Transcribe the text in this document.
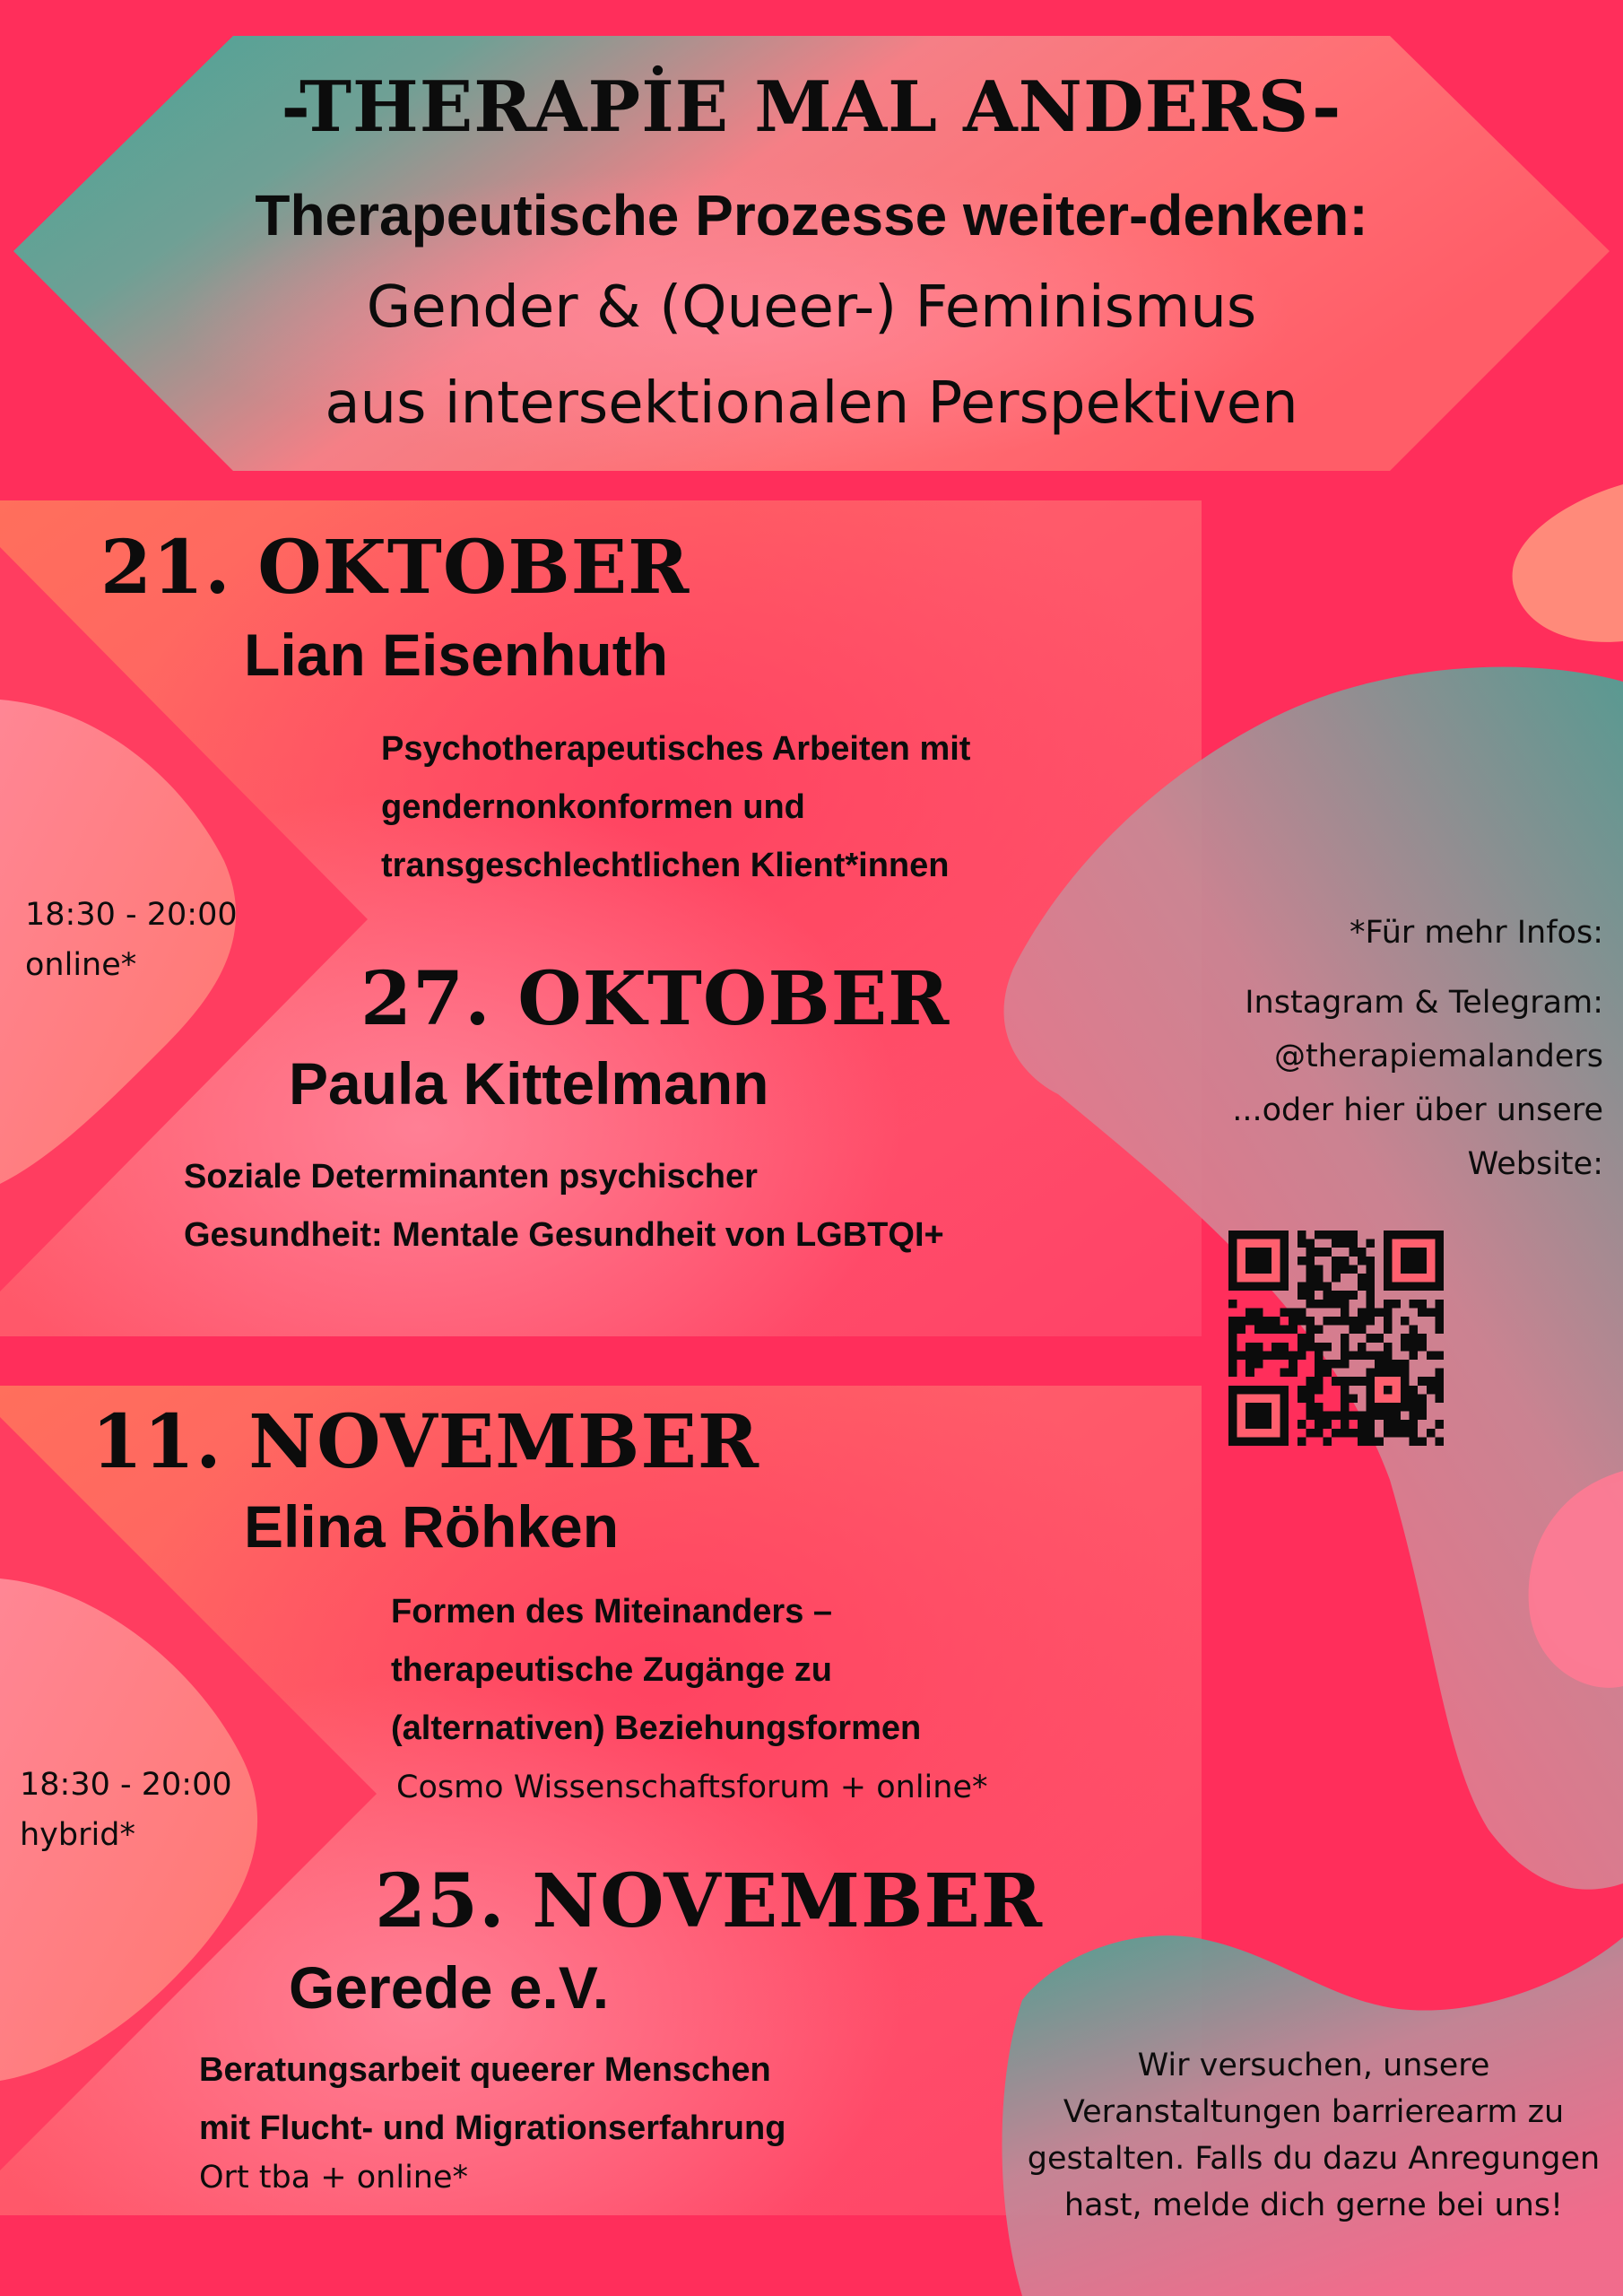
-THERAPİE MAL ANDERS-
Therapeutische Prozesse weiter-denken:
Gender & (Queer-) Feminismus
aus intersektionalen Perspektiven
21. OKTOBER
Lian Eisenhuth
Psychotherapeutisches Arbeiten mit
gendernonkonformen und
transgeschlechtlichen Klient*innen
18:30 - 20:00
online*	27. OKTOBER
Paula Kittelmann
Soziale Determinanten psychischer
Gesundheit: Mentale Gesundheit von LGBTQI+
11. NOVEMBER
Elina Röhken
Formen des Miteinanders –
therapeutische Zugänge zu
(alternativen) Beziehungsformen
Cosmo Wissenschaftsforum + online*
18:30 - 20:00
hybrid*
25. NOVEMBER
Gerede e.V.
Beratungsarbeit queerer Menschen
mit Flucht- und Migrationserfahrung
Ort tba + online*
*Für mehr Infos:
Instagram & Telegram:
@therapiemalanders
...oder hier über unsere
Website:
Wir versuchen, unsere
Veranstaltungen barrierearm zu
gestalten. Falls du dazu Anregungen
hast, melde dich gerne bei uns!
